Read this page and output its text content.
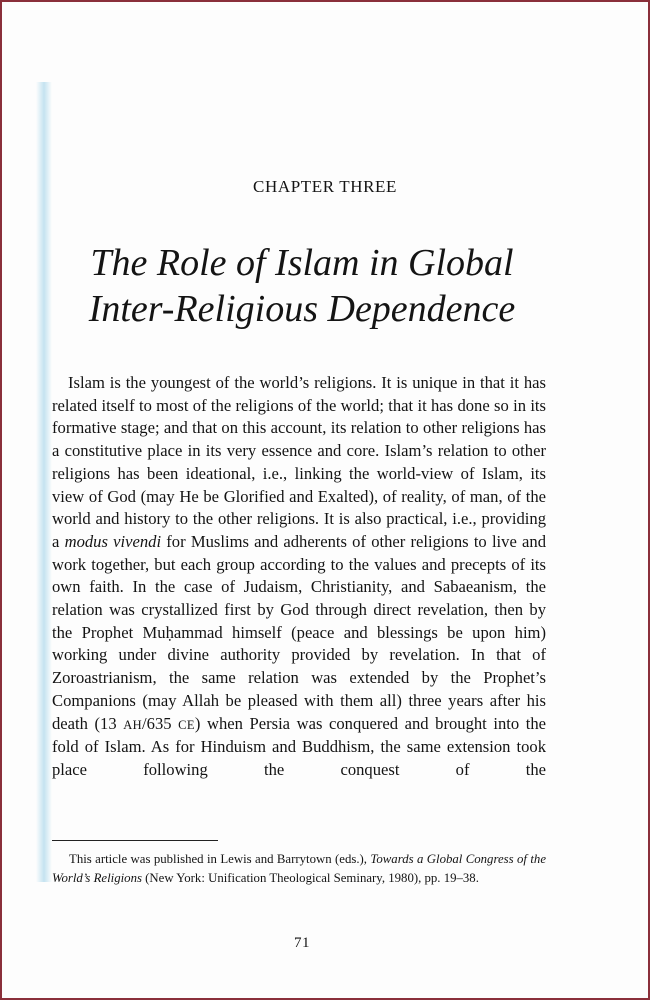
CHAPTER THREE
The Role of Islam in Global
Inter-Religious Dependence

Islam is the youngest of the world’s religions. It is unique in that it has related itself to most of the religions of the world; that it has done so in its formative stage; and that on this account, its relation to other religions has a constitutive place in its very essence and core. Islam’s relation to other religions has been ideational, i.e., linking the world-view of Islam, its view of God (may He be Glorified and Exalted), of reality, of man, of the world and history to the other religions. It is also practical, i.e., providing a modus vivendi for Muslims and adherents of other religions to live and work together, but each group according to the values and precepts of its own faith. In the case of Judaism, Christianity, and Sabaeanism, the relation was crystallized first by God through direct revelation, then by the Prophet Muḥammad himself (peace and blessings be upon him) working under divine authority provided by revelation. In that of Zoroastrianism, the same relation was extended by the Prophet’s Companions (may Allah be pleased with them all) three years after his death (13 AH/635 CE) when Persia was conquered and brought into the fold of Islam. As for Hinduism and Buddhism, the same extension took place following the conquest of the

This article was published in Lewis and Barrytown (eds.), Towards a Global Congress of the World’s Religions (New York: Unification Theological Seminary, 1980), pp. 19–38.

71
